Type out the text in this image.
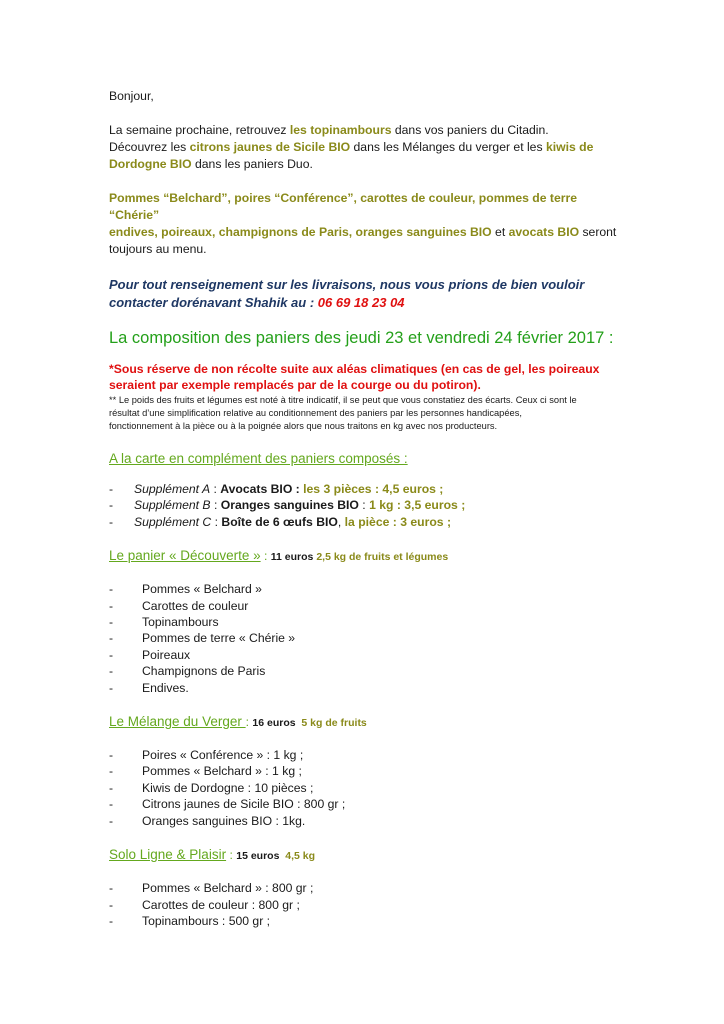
Bonjour,

La semaine prochaine, retrouvez les topinambours dans vos paniers du Citadin.
Découvrez les citrons jaunes de Sicile BIO dans les Mélanges du verger et les kiwis de
Dordogne BIO dans les paniers Duo.

Pommes “Belchard”, poires “Conférence”, carottes de couleur, pommes de terre “Chérie”
endives, poireaux, champignons de Paris, oranges sanguines BIO et avocats BIO seront
toujours au menu.

Pour tout renseignement sur les livraisons, nous vous prions de bien vouloir
contacter dorénavant Shahik au : 06 69 18 23 04

La composition des paniers des jeudi 23 et vendredi 24 février 2017 :

*Sous réserve de non récolte suite aux aléas climatiques (en cas de gel, les poireaux

seraient par exemple remplacés par de la courge ou du potiron).

** Le poids des fruits et légumes est noté à titre indicatif, il se peut que vous constatiez des écarts. Ceux ci sont le

résultat d’une simplification relative au conditionnement des paniers par les personnes handicapées,

fonctionnement à la pièce ou à la poignée alors que nous traitons en kg avec nos producteurs.

A la carte en complément des paniers composés :

- Supplément A : Avocats BIO : les 3 pièces : 4,5 euros ;
- Supplément B : Oranges sanguines BIO : 1 kg : 3,5 euros ;
- Supplément C : Boîte de 6 œufs BIO, la pièce : 3 euros ;

Le panier « Découverte » : 11 euros 2,5 kg de fruits et légumes

- Pommes « Belchard »
- Carottes de couleur
- Topinambours
- Pommes de terre « Chérie »
- Poireaux
- Champignons de Paris
- Endives.

Le Mélange du Verger : 16 euros  5 kg de fruits

- Poires « Conférence » : 1 kg ;
- Pommes « Belchard » : 1 kg ;
- Kiwis de Dordogne : 10 pièces ;
- Citrons jaunes de Sicile BIO : 800 gr ;
- Oranges sanguines BIO : 1kg.

Solo Ligne & Plaisir : 15 euros  4,5 kg

- Pommes « Belchard » : 800 gr ;
- Carottes de couleur : 800 gr ;
- Topinambours : 500 gr ;
